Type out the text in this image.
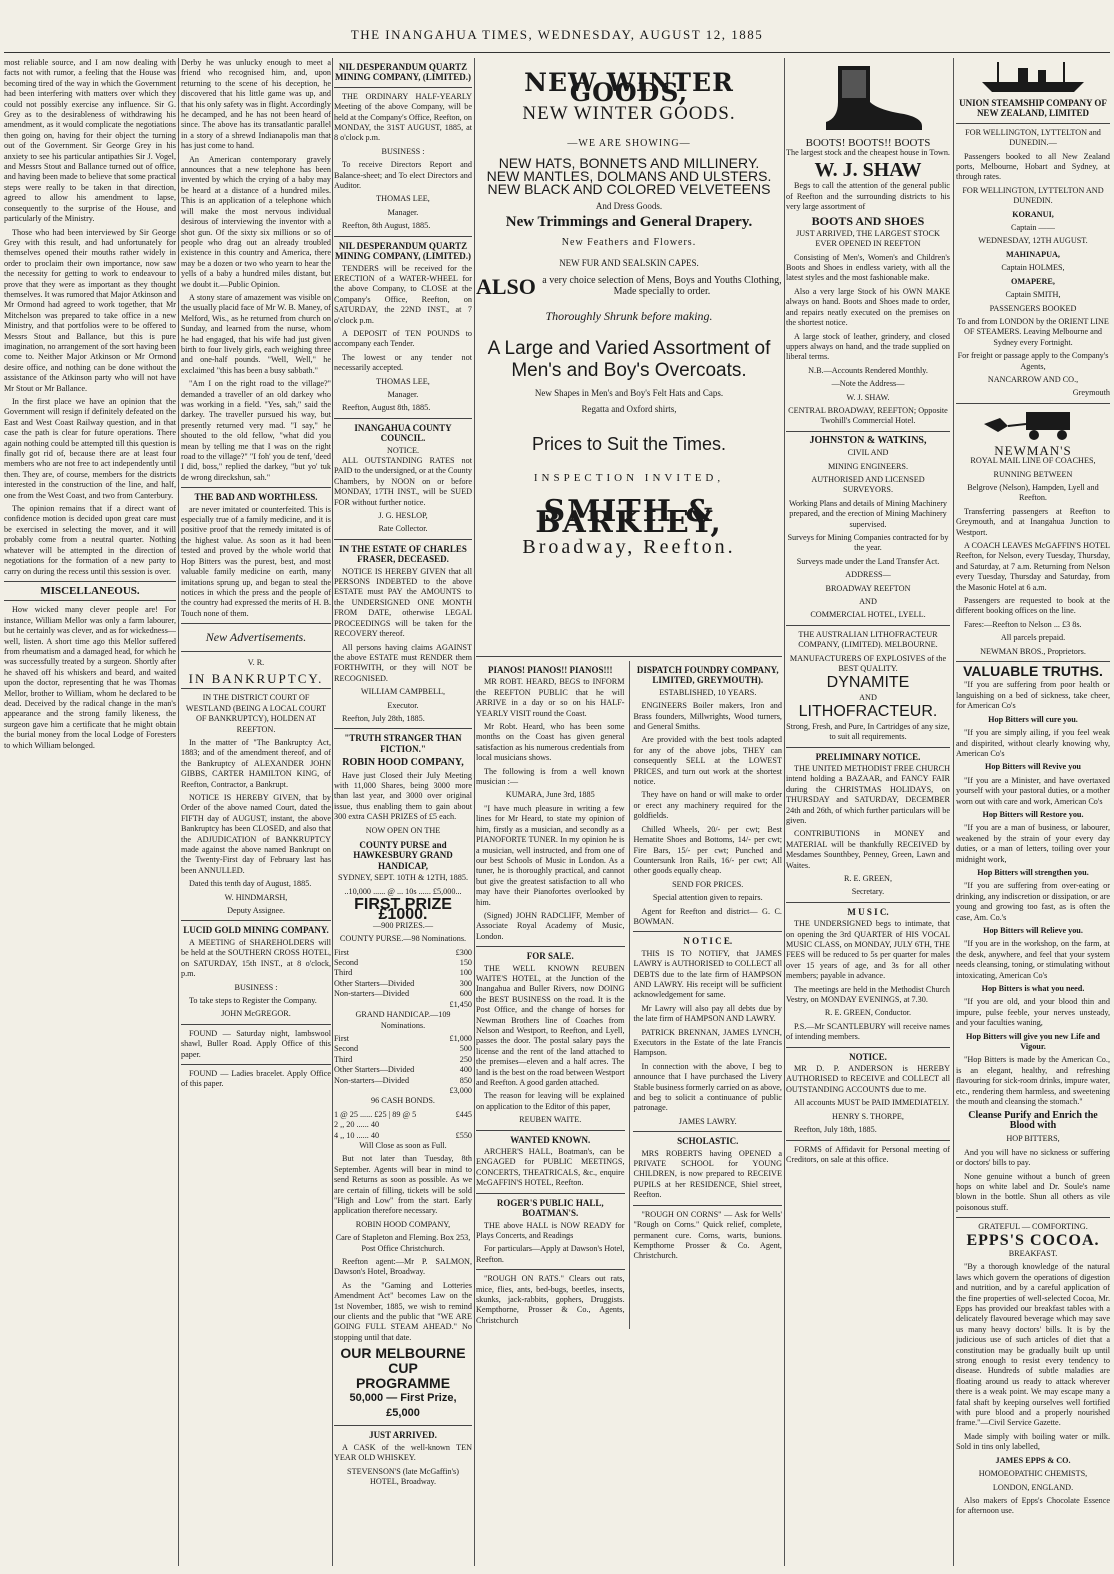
THE INANGAHUA TIMES, WEDNESDAY, AUGUST 12, 1885

most reliable source, and I am now dealing with facts not with rumor, a feeling that the House was becoming tired of the way in which the Government had been interfering with matters over which they could not possibly exercise any influence. Sir G. Grey as to the desirableness of withdrawing his amendment, as it would complicate the negotiations then going on, having for their object the turning out of the Government. Sir George Grey in his anxiety to see his particular antipathies Sir J. Vogel, and Messrs Stout and Ballance turned out of office, and having been made to believe that some practical steps were really to be taken in that direction, agreed to allow his amendment to lapse, consequently to the surprise of the House, and particularly of the Ministry.

Those who had been interviewed by Sir George Grey with this result, and had unfortunately for themselves opened their mouths rather widely in order to proclaim their own importance, now saw the necessity for getting to work to endeavour to prove that they were as important as they thought themselves. It was rumored that Major Atkinson and Mr Ormond had agreed to work together, that Mr Mitchelson was prepared to take office in a new Ministry, and that portfolios were to be offered to Messrs Stout and Ballance, but this is pure imagination, no arrangement of the sort having been come to. Neither Major Atkinson or Mr Ormond desire office, and nothing can be done without the assistance of the Atkinson party who will not have Mr Stout or Mr Ballance.

In the first place we have an opinion that the Government will resign if definitely defeated on the East and West Coast Railway question, and in that case the path is clear for future operations. There again nothing could be attempted till this question is finally got rid of, because there are at least four members who are not free to act independently until then. They are, of course, members for the districts interested in the construction of the line, and half, one from the West Coast, and two from Canterbury.

The opinion remains that if a direct want of confidence motion is decided upon great care must be exercised in selecting the mover, and it will probably come from a neutral quarter. Nothing whatever will be attempted in the direction of negotiations for the formation of a new party to carry on during the recess until this session is over.

MISCELLANEOUS.

How wicked many clever people are! For instance, William Mellor was only a farm labourer, but he certainly was clever, and as for wickedness—well, listen. A short time ago this Mellor suffered from rheumatism and a damaged head, for which he was successfully treated by a surgeon. Shortly after he shaved off his whiskers and beard, and waited upon the doctor, representing that he was Thomas Mellor, brother to William, whom he declared to be dead. Deceived by the radical change in the man's appearance and the strong family likeness, the surgeon gave him a certificate that he might obtain the burial money from the local Lodge of Foresters to which William belonged.

Derby he was unlucky enough to meet a friend who recognised him, and, upon returning to the scene of his deception, he discovered that his little game was up, and that his only safety was in flight. Accordingly he decamped, and he has not been heard of since. The above has its transatlantic parallel in a story of a shrewd Indianapolis man that has just come to hand.

An American contemporary gravely announces that a new telephone has been invented by which the crying of a baby may be heard at a distance of a hundred miles. This is an application of a telephone which will make the most nervous individual desirous of interviewing the inventor with a shot gun. Of the sixty six millions or so of people who drag out an already troubled existence in this country and America, there may be a dozen or two who yearn to hear the yells of a baby a hundred miles distant, but we doubt it.—Public Opinion.

A stony stare of amazement was visible on the usually placid face of Mr W. B. Maney, of Melford, Wis., as he returned from church on Sunday, and learned from the nurse, whom he had engaged, that his wife had just given birth to four lively girls, each weighing three and one-half pounds. "Well, Well," he exclaimed "this has been a busy sabbath."

"Am I on the right road to the village?" demanded a traveller of an old darkey who was working in a field. "Yes, sah," said the darkey. The traveller pursued his way, but presently returned very mad. "I say," he shouted to the old fellow, "what did you mean by telling me that I was on the right road to the village?" "I foh' you de tenf, 'deed I did, boss," replied the darkey, "but yo' tuk de wrong direckshun, sah."

THE BAD AND WORTHLESS.

are never imitated or counterfeited. This is especially true of a family medicine, and it is positive proof that the remedy imitated is of the highest value. As soon as it had been tested and proved by the whole world that Hop Bitters was the purest, best, and most valuable family medicine on earth, many imitations sprung up, and began to steal the notices in which the press and the people of the country had expressed the merits of H. B. Touch none of them.

New Advertisements.
V. R.
IN BANKRUPTCY.

IN THE DISTRICT COURT OF WESTLAND (BEING A LOCAL COURT OF BANKRUPTCY), HOLDEN AT REEFTON.

In the matter of "The Bankruptcy Act, 1883; and of the amendment thereof, and of the Bankruptcy of ALEXANDER JOHN GIBBS, CARTER HAMILTON KING, of Reefton, Contractor, a Bankrupt.

NOTICE IS HEREBY GIVEN, that by Order of the above named Court, dated the FIFTH day of AUGUST, instant, the above Bankruptcy has been CLOSED, and also that the ADJUDICATION of BANKRUPTCY made against the above named Bankrupt on the Twenty-First day of February last has been ANNULLED.

Dated this tenth day of August, 1885.

W. HINDMARSH,

Deputy Assignee.

LUCID GOLD MINING COMPANY.

A MEETING of SHAREHOLDERS will be held at the SOUTHERN CROSS HOTEL, on SATURDAY, 15th INST., at 8 o'clock, p.m.

BUSINESS :

To take steps to Register the Company.

JOHN McGREGOR.

FOUND — Saturday night, lambswool shawl, Buller Road. Apply Office of this paper.

FOUND — Ladies bracelet. Apply Office of this paper.

NIL DESPERANDUM QUARTZ MINING COMPANY, (LIMITED.)

THE ORDINARY HALF-YEARLY Meeting of the above Company, will be held at the Company's Office, Reefton, on MONDAY, the 31ST AUGUST, 1885, at 8 o'clock p.m.

BUSINESS :

To receive Directors Report and Balance-sheet; and To elect Directors and Auditor.

THOMAS LEE,

Manager.

Reefton, 8th August, 1885.

NIL DESPERANDUM QUARTZ MINING COMPANY, (LIMITED.)

TENDERS will be received for the ERECTION of a WATER-WHEEL for the above Company, to CLOSE at the Company's Office, Reefton, on SATURDAY, the 22ND INST., at 7 o'clock p.m.

A DEPOSIT of TEN POUNDS to accompany each Tender.

The lowest or any tender not necessarily accepted.

THOMAS LEE,

Manager.

Reefton, August 8th, 1885.

INANGAHUA COUNTY COUNCIL.
NOTICE.

ALL OUTSTANDING RATES not PAID to the undersigned, or at the County Chambers, by NOON on or before MONDAY, 17TH INST., will be SUED FOR without further notice.

J. G. HESLOP,

Rate Collector.

IN THE ESTATE OF CHARLES FRASER, DECEASED.

NOTICE IS HEREBY GIVEN that all PERSONS INDEBTED to the above ESTATE must PAY the AMOUNTS to the UNDERSIGNED ONE MONTH FROM DATE, otherwise LEGAL PROCEEDINGS will be taken for the RECOVERY thereof.

All persons having claims AGAINST the above ESTATE must RENDER them FORTHWITH, or they will NOT be RECOGNISED.

WILLIAM CAMPBELL,

Executor.

Reefton, July 28th, 1885.

"TRUTH STRANGER THAN FICTION."
ROBIN HOOD COMPANY,

Have just Closed their July Meeting with 11,000 Shares, being 3000 more than last year, and 3000 over original issue, thus enabling them to gain about 300 extra CASH PRIZES of £5 each.

NOW OPEN ON THE

COUNTY PURSE and HAWKESBURY GRAND HANDICAP,

SYDNEY, SEPT. 10TH & 12TH, 1885.

..10,000 ...... @ ... 10s ...... £5,000...

FIRST PRIZE £1000.

—900 PRIZES.—

COUNTY PURSE.—98 Nominations.

First	£300
Second	150
Third	100
Other Starters—Divided	300
Non-starters—Divided	600
£1,450

GRAND HANDICAP.—109 Nominations.

First	£1,000
Second	500
Third	250
Other Starters—Divided	400
Non-starters—Divided	850
£3,000

96 CASH BONDS.

1 @ 25 ...... £25 | 89 @ 5	£445
2 ,, 20 ...... 40
4 ,, 10 ...... 40	£550

Will Close as soon as Full.

But not later than Tuesday, 8th September. Agents will bear in mind to send Returns as soon as possible. As we are certain of filling, tickets will be sold "High and Low" from the start. Early application therefore necessary.

ROBIN HOOD COMPANY,

Care of Stapleton and Fleming. Box 253, Post Office Christchurch.

Reefton agent:—Mr P. SALMON, Dawson's Hotel, Broadway.

As the "Gaming and Lotteries Amendment Act" becomes Law on the 1st November, 1885, we wish to remind our clients and the public that "WE ARE GOING FULL STEAM AHEAD." No stopping until that date.

OUR MELBOURNE CUP
PROGRAMME
50,000 — First Prize, £5,000
JUST ARRIVED.

A CASK of the well-known TEN YEAR OLD WHISKEY.

STEVENSON'S (late McGaffin's) HOTEL, Broadway.

NEW WINTER GOODS,
NEW WINTER GOODS.
—WE ARE SHOWING—
NEW HATS, BONNETS AND MILLINERY.
NEW MANTLES, DOLMANS AND ULSTERS.
NEW BLACK AND COLORED VELVETEENS
And Dress Goods.
New Trimmings and General Drapery.
New Feathers and Flowers.
NEW FUR AND SEALSKIN CAPES.
ALSO a very choice selection of Mens, Boys and Youths Clothing, Made specially to order.
Thoroughly Shrunk before making.
A Large and Varied Assortment of Men's and Boy's Overcoats.
New Shapes in Men's and Boy's Felt Hats and Caps.
Regatta and Oxford shirts,
Prices to Suit the Times.
INSPECTION INVITED,
SMITH & BARKLEY,
Broadway, Reefton.
PIANOS! PIANOS!! PIANOS!!!

MR ROBT. HEARD, BEGS to INFORM the REEFTON PUBLIC that he will ARRIVE in a day or so on his HALF-YEARLY VISIT round the Coast.

Mr Robt. Heard, who has been some months on the Coast has given general satisfaction as his numerous credentials from local musicians shows.

The following is from a well known musician :—

KUMARA, June 3rd, 1885

"I have much pleasure in writing a few lines for Mr Heard, to state my opinion of him, firstly as a musician, and secondly as a PIANOFORTE TUNER. In my opinion he is a musician, well instructed, and from one of our best Schools of Music in London. As a tuner, he is thoroughly practical, and cannot but give the greatest satisfaction to all who may have their Pianofortes overlooked by him.

(Signed) JOHN RADCLIFF, Member of Associate Royal Academy of Music, London.

FOR SALE.

THE WELL KNOWN REUBEN WAITE'S HOTEL, at the Junction of the Inangahua and Buller Rivers, now DOING the BEST BUSINESS on the road. It is the Post Office, and the change of horses for Newman Brothers line of Coaches from Nelson and Westport, to Reefton, and Lyell, passes the door. The postal salary pays the license and the rent of the land attached to the premises—eleven and a half acres. The land is the best on the road between Westport and Reefton. A good garden attached.

The reason for leaving will be explained on application to the Editor of this paper,

REUBEN WAITE.

WANTED KNOWN.

ARCHER'S HALL, Boatman's, can be ENGAGED for PUBLIC MEETINGS, CONCERTS, THEATRICALS, &c., enquire McGAFFIN'S HOTEL, Reefton.

ROGER'S PUBLIC HALL, BOATMAN'S.

THE above HALL is NOW READY for Plays Concerts, and Readings

For particulars—Apply at Dawson's Hotel, Reefton.

"ROUGH ON RATS." Clears out rats, mice, flies, ants, bed-bugs, beetles, insects, skunks, jack-rabbits, gophers, Druggists. Kempthorne, Prosser & Co., Agents, Christchurch

DISPATCH FOUNDRY COMPANY, LIMITED, GREYMOUTH).

ESTABLISHED, 10 YEARS.

ENGINEERS Boiler makers, Iron and Brass founders, Millwrights, Wood turners, and General Smiths.

Are provided with the best tools adapted for any of the above jobs, THEY can consequently SELL at the LOWEST PRICES, and turn out work at the shortest notice.

They have on hand or will make to order or erect any machinery required for the goldfields.

Chilled Wheels, 20/- per cwt; Best Hematite Shoes and Bottoms, 14/- per cwt; Fire Bars, 15/- per cwt; Punched and Countersunk Iron Rails, 16/- per cwt; All other goods equally cheap.

SEND FOR PRICES.

Special attention given to repairs.

Agent for Reefton and district— G. C. BOWMAN.

N O T I C E.

THIS IS TO NOTIFY, that JAMES LAWRY is AUTHORISED to COLLECT all DEBTS due to the late firm of HAMPSON AND LAWRY. His receipt will be sufficient acknowledgement for same.

Mr Lawry will also pay all debts due by the late firm of HAMPSON AND LAWRY.

PATRICK BRENNAN, JAMES LYNCH, Executors in the Estate of the late Francis Hampson.

In connection with the above, I beg to announce that I have purchased the Livery Stable business formerly carried on as above, and beg to solicit a continuance of public patronage.

JAMES LAWRY.

SCHOLASTIC.

MRS ROBERTS having OPENED a PRIVATE SCHOOL for YOUNG CHILDREN, is now prepared to RECEIVE PUPILS at her RESIDENCE, Shiel street, Reefton.

"ROUGH ON CORNS" — Ask for Wells' "Rough on Corns." Quick relief, complete, permanent cure. Corns, warts, bunions. Kempthorne Prosser & Co. Agent, Christchurch.

BOOTS! BOOTS!! BOOTS

The largest stock and the cheapest house in Town.

W. J. SHAW

Begs to call the attention of the general public of Reefton and the surrounding districts to his very large assortment of

BOOTS AND SHOES

JUST ARRIVED, THE LARGEST STOCK EVER OPENED IN REEFTON

Consisting of Men's, Women's and Children's Boots and Shoes in endless variety, with all the latest styles and the most fashionable make.

Also a very large Stock of his OWN MAKE always on hand. Boots and Shoes made to order, and repairs neatly executed on the premises on the shortest notice.

A large stock of leather, grindery, and closed uppers always on hand, and the trade supplied on liberal terms.

N.B.—Accounts Rendered Monthly.

—Note the Address—

W. J. SHAW.

CENTRAL BROADWAY, REEFTON; Opposite Twohill's Commercial Hotel.

JOHNSTON & WATKINS,

CIVIL AND

MINING ENGINEERS.

AUTHORISED AND LICENSED SURVEYORS.

Working Plans and details of Mining Machinery prepared, and the erection of Mining Machinery supervised.

Surveys for Mining Companies contracted for by the year.

Surveys made under the Land Transfer Act.

ADDRESS—

BROADWAY REEFTON

AND

COMMERCIAL HOTEL, LYELL.

THE AUSTRALIAN LITHOFRACTEUR COMPANY, (LIMITED). MELBOURNE.

MANUFACTURERS OF EXPLOSIVES of the BEST QUALITY.

DYNAMITE

AND

LITHOFRACTEUR.

Strong, Fresh, and Pure, In Cartridges of any size, to suit all requirements.

PRELIMINARY NOTICE.

THE UNITED METHODIST FREE CHURCH intend holding a BAZAAR, and FANCY FAIR during the CHRISTMAS HOLIDAYS, on THURSDAY and SATURDAY, DECEMBER 24th and 26th, of which further particulars will be given.

CONTRIBUTIONS in MONEY and MATERIAL will be thankfully RECEIVED by Mesdames Sounthbey, Penney, Green, Lawn and Waites.

R. E. GREEN,

Secretary.

M U S I C.

THE UNDERSIGNED begs to intimate, that on opening the 3rd QUARTER of HIS VOCAL MUSIC CLASS, on MONDAY, JULY 6TH, THE FEES will be reduced to 5s per quarter for males over 15 years of age, and 3s for all other members; payable in advance.

The meetings are held in the Methodist Church Vestry, on MONDAY EVENINGS, at 7.30.

R. E. GREEN, Conductor.

P.S.—Mr SCANTLEBURY will receive names of intending members.

NOTICE.

MR D. P. ANDERSON is HEREBY AUTHORISED to RECEIVE and COLLECT all OUTSTANDING ACCOUNTS due to me.

All accounts MUST be PAID IMMEDIATELY.

HENRY S. THORPE,

Reefton, July 18th, 1885.

FORMS of Affidavit for Personal meeting of Creditors, on sale at this office.

UNION STEAMSHIP COMPANY OF NEW ZEALAND, LIMITED

FOR WELLINGTON, LYTTELTON and DUNEDIN.—

Passengers booked to all New Zealand ports, Melbourne, Hobart and Sydney, at through rates.

FOR WELLINGTON, LYTTELTON AND DUNEDIN.

KORANUI,

Captain ——

WEDNESDAY, 12TH AUGUST.

MAHINAPUA,

Captain HOLMES,

OMAPERE,

Captain SMITH,

PASSENGERS BOOKED

To and from LONDON by the ORIENT LINE OF STEAMERS. Leaving Melbourne and Sydney every Fortnight.

For freight or passage apply to the Company's Agents,

NANCARROW AND CO.,

Greymouth

NEWMAN'S

ROYAL MAIL LINE OF COACHES,

RUNNING BETWEEN

Belgrove (Nelson), Hampden, Lyell and Reefton.

Transferring passengers at Reefton to Greymouth, and at Inangahua Junction to Westport.

A COACH LEAVES McGAFFIN'S HOTEL Reefton, for Nelson, every Tuesday, Thursday, and Saturday, at 7 a.m. Returning from Nelson every Tuesday, Thursday and Saturday, from the Masonic Hotel at 6 a.m.

Passengers are requested to book at the different booking offices on the line.

Fares:—Reefton to Nelson ... £3 8s.

All parcels prepaid.

NEWMAN BROS., Proprietors.

VALUABLE TRUTHS.

"If you are suffering from poor health or languishing on a bed of sickness, take cheer, for American Co's

Hop Bitters will cure you.

"If you are simply ailing, if you feel weak and dispirited, without clearly knowing why, American Co's

Hop Bitters will Revive you

"If you are a Minister, and have overtaxed yourself with your pastoral duties, or a mother worn out with care and work, American Co's

Hop Bitters will Restore you.

"If you are a man of business, or labourer, weakened by the strain of your every day duties, or a man of letters, toiling over your midnight work,

Hop Bitters will strengthen you.

"If you are suffering from over-eating or drinking, any indiscretion or dissipation, or are young and growing too fast, as is often the case, Am. Co.'s

Hop Bitters will Relieve you.

"If you are in the workshop, on the farm, at the desk, anywhere, and feel that your system needs cleansing, toning, or stimulating without intoxicating, American Co's

Hop Bitters is what you need.

"If you are old, and your blood thin and impure, pulse feeble, your nerves unsteady, and your faculties waning,

Hop Bitters will give you new Life and Vigour.

"Hop Bitters is made by the American Co., is an elegant, healthy, and refreshing flavouring for sick-room drinks, impure water, etc., rendering them harmless, and sweetening the mouth and cleansing the stomach."

Cleanse Purify and Enrich the Blood with

HOP BITTERS,

And you will have no sickness or suffering or doctors' bills to pay.

None genuine without a bunch of green hops on white label and Dr. Soule's name blown in the bottle. Shun all others as vile poisonous stuff.

GRATEFUL — COMFORTING.

EPPS'S COCOA.

BREAKFAST.

"By a thorough knowledge of the natural laws which govern the operations of digestion and nutrition, and by a careful application of the fine properties of well-selected Cocoa, Mr. Epps has provided our breakfast tables with a delicately flavoured beverage which may save us many heavy doctors' bills. It is by the judicious use of such articles of diet that a constitution may be gradually built up until strong enough to resist every tendency to disease. Hundreds of subtle maladies are floating around us ready to attack wherever there is a weak point. We may escape many a fatal shaft by keeping ourselves well fortified with pure blood and a properly nourished frame."—Civil Service Gazette.

Made simply with boiling water or milk. Sold in tins only labelled,

JAMES EPPS & CO.

HOMOEOPATHIC CHEMISTS,

LONDON, ENGLAND.

Also makers of Epps's Chocolate Essence for afternoon use.
